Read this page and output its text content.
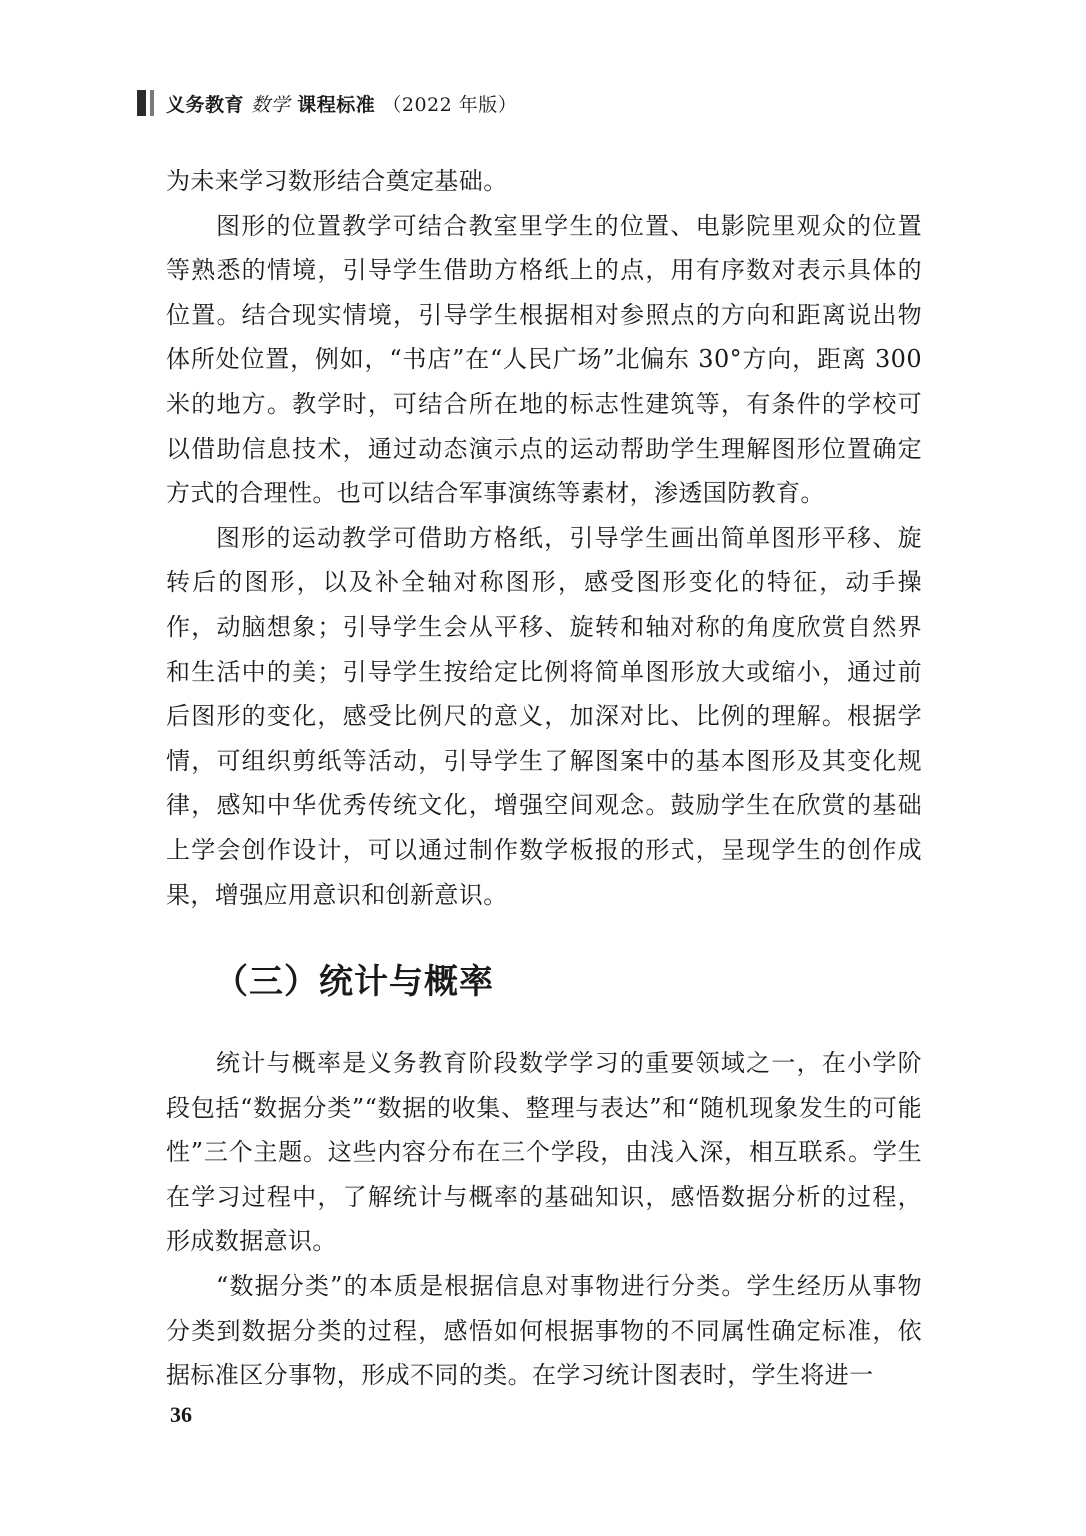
义务教育 数学 课程标准 （2022 年版）

为未来学习数形结合奠定基础。

图形的位置教学可结合教室里学生的位置、电影院里观众的位置等熟悉的情境，引导学生借助方格纸上的点，用有序数对表示具体的位置。结合现实情境，引导学生根据相对参照点的方向和距离说出物体所处位置，例如，“书店”在“人民广场”北偏东 30°方向，距离 300 米的地方。教学时，可结合所在地的标志性建筑等，有条件的学校可以借助信息技术，通过动态演示点的运动帮助学生理解图形位置确定方式的合理性。也可以结合军事演练等素材，渗透国防教育。

图形的运动教学可借助方格纸，引导学生画出简单图形平移、旋转后的图形，以及补全轴对称图形，感受图形变化的特征，动手操作，动脑想象；引导学生会从平移、旋转和轴对称的角度欣赏自然界和生活中的美；引导学生按给定比例将简单图形放大或缩小，通过前后图形的变化，感受比例尺的意义，加深对比、比例的理解。根据学情，可组织剪纸等活动，引导学生了解图案中的基本图形及其变化规律，感知中华优秀传统文化，增强空间观念。鼓励学生在欣赏的基础上学会创作设计，可以通过制作数学板报的形式，呈现学生的创作成果，增强应用意识和创新意识。

（三）统计与概率

统计与概率是义务教育阶段数学学习的重要领域之一，在小学阶段包括“数据分类”“数据的收集、整理与表达”和“随机现象发生的可能性”三个主题。这些内容分布在三个学段，由浅入深，相互联系。学生在学习过程中，了解统计与概率的基础知识，感悟数据分析的过程，形成数据意识。

“数据分类”的本质是根据信息对事物进行分类。学生经历从事物分类到数据分类的过程，感悟如何根据事物的不同属性确定标准，依据标准区分事物，形成不同的类。在学习统计图表时，学生将进一

36
